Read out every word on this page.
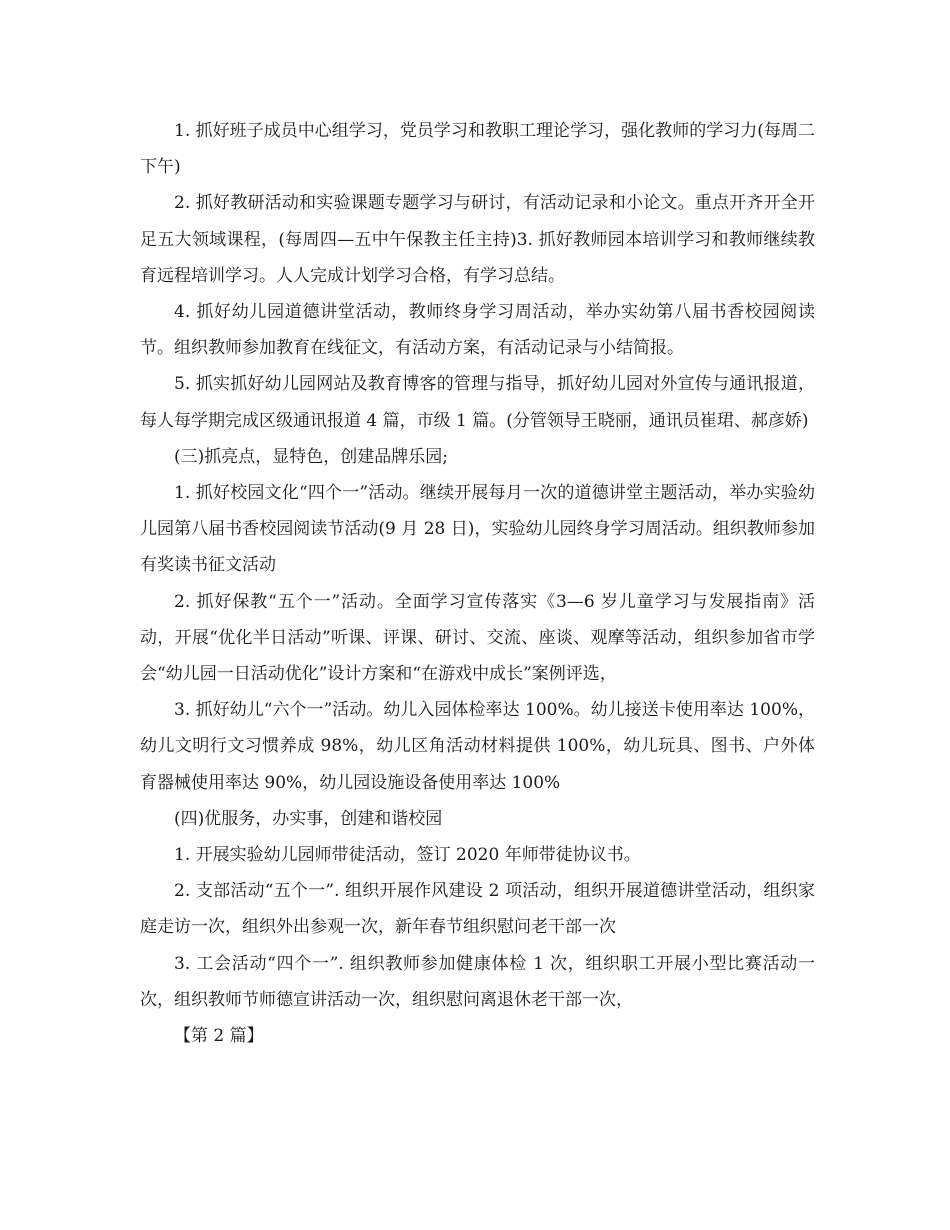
1. 抓好班子成员中心组学习，党员学习和教职工理论学习，强化教师的学习力(每周二下午)

2. 抓好教研活动和实验课题专题学习与研讨，有活动记录和小论文。重点开齐开全开足五大领域课程，(每周四—五中午保教主任主持)3. 抓好教师园本培训学习和教师继续教育远程培训学习。人人完成计划学习合格，有学习总结。

4. 抓好幼儿园道德讲堂活动，教师终身学习周活动，举办实幼第八届书香校园阅读节。组织教师参加教育在线征文，有活动方案，有活动记录与小结简报。

5. 抓实抓好幼儿园网站及教育博客的管理与指导，抓好幼儿园对外宣传与通讯报道，每人每学期完成区级通讯报道 4 篇，市级 1 篇。(分管领导王晓丽，通讯员崔珺、郝彦娇)

(三)抓亮点，显特色，创建品牌乐园;

1. 抓好校园文化“四个一”活动。继续开展每月一次的道德讲堂主题活动，举办实验幼儿园第八届书香校园阅读节活动(9 月 28 日)，实验幼儿园终身学习周活动。组织教师参加有奖读书征文活动

2. 抓好保教“五个一”活动。全面学习宣传落实《3—6 岁儿童学习与发展指南》活动，开展“优化半日活动”听课、评课、研讨、交流、座谈、观摩等活动，组织参加省市学会“幼儿园一日活动优化”设计方案和“在游戏中成长”案例评选，

3. 抓好幼儿“六个一”活动。幼儿入园体检率达 100%。幼儿接送卡使用率达 100%，幼儿文明行文习惯养成 98%，幼儿区角活动材料提供 100%，幼儿玩具、图书、户外体育器械使用率达 90%，幼儿园设施设备使用率达 100%

(四)优服务，办实事，创建和谐校园

1. 开展实验幼儿园师带徒活动，签订 2020 年师带徒协议书。

2. 支部活动“五个一”. 组织开展作风建设 2 项活动，组织开展道德讲堂活动，组织家庭走访一次，组织外出参观一次，新年春节组织慰问老干部一次

3. 工会活动“四个一”. 组织教师参加健康体检 1 次，组织职工开展小型比赛活动一次，组织教师节师德宣讲活动一次，组织慰问离退休老干部一次，

【第 2 篇】
